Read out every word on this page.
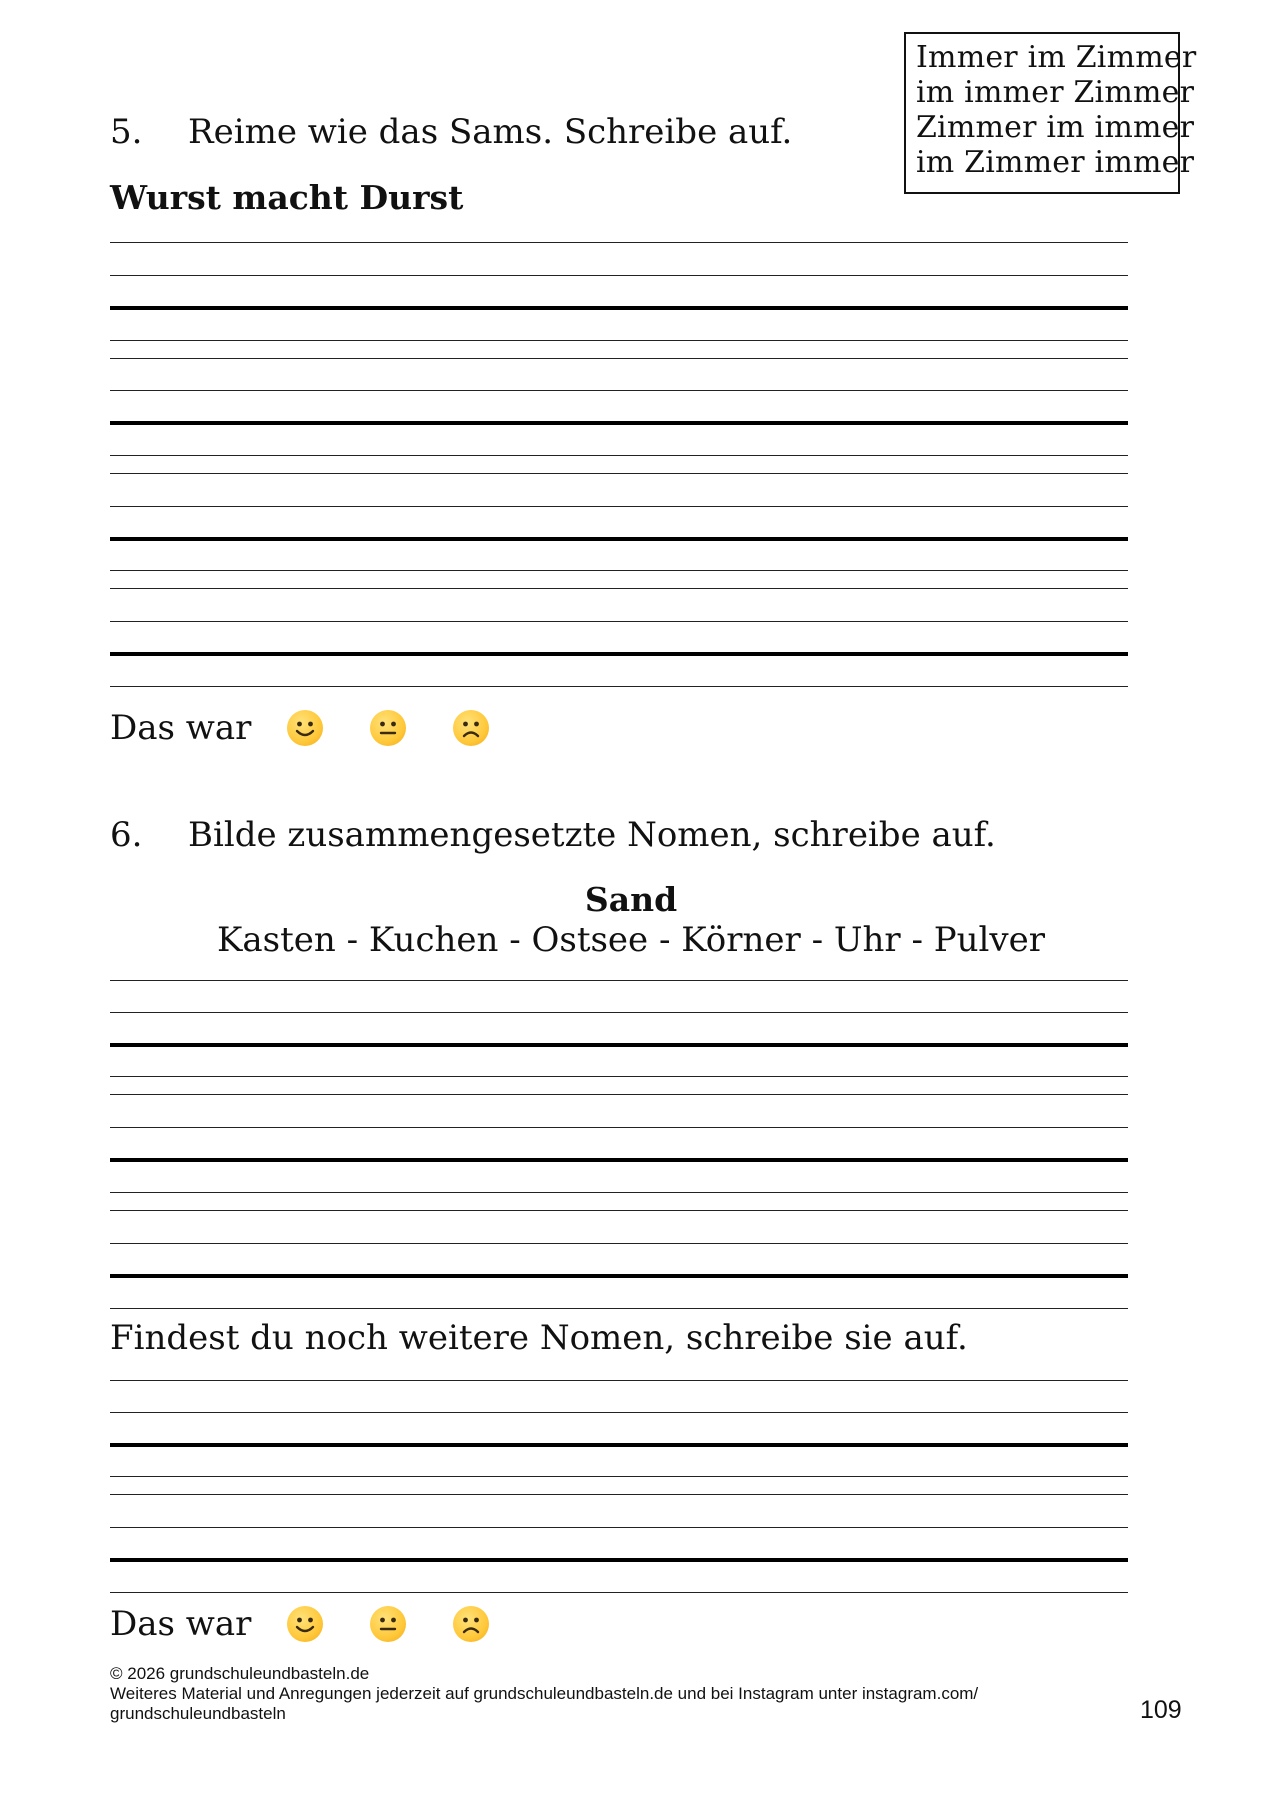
Immer im Zimmer
im immer Zimmer
Zimmer im immer
im Zimmer immer
5. Reime wie das Sams. Schreibe auf.
Wurst macht Durst
Das war
6. Bilde zusammengesetzte Nomen, schreibe auf.
Sand
Kasten - Kuchen - Ostsee - Körner - Uhr - Pulver
Findest du noch weitere Nomen, schreibe sie auf.
Das war
© 2026 grundschuleundbasteln.de
Weiteres Material und Anregungen jederzeit auf grundschuleundbasteln.de und bei Instagram unter instagram.com/
grundschuleundbasteln	109
